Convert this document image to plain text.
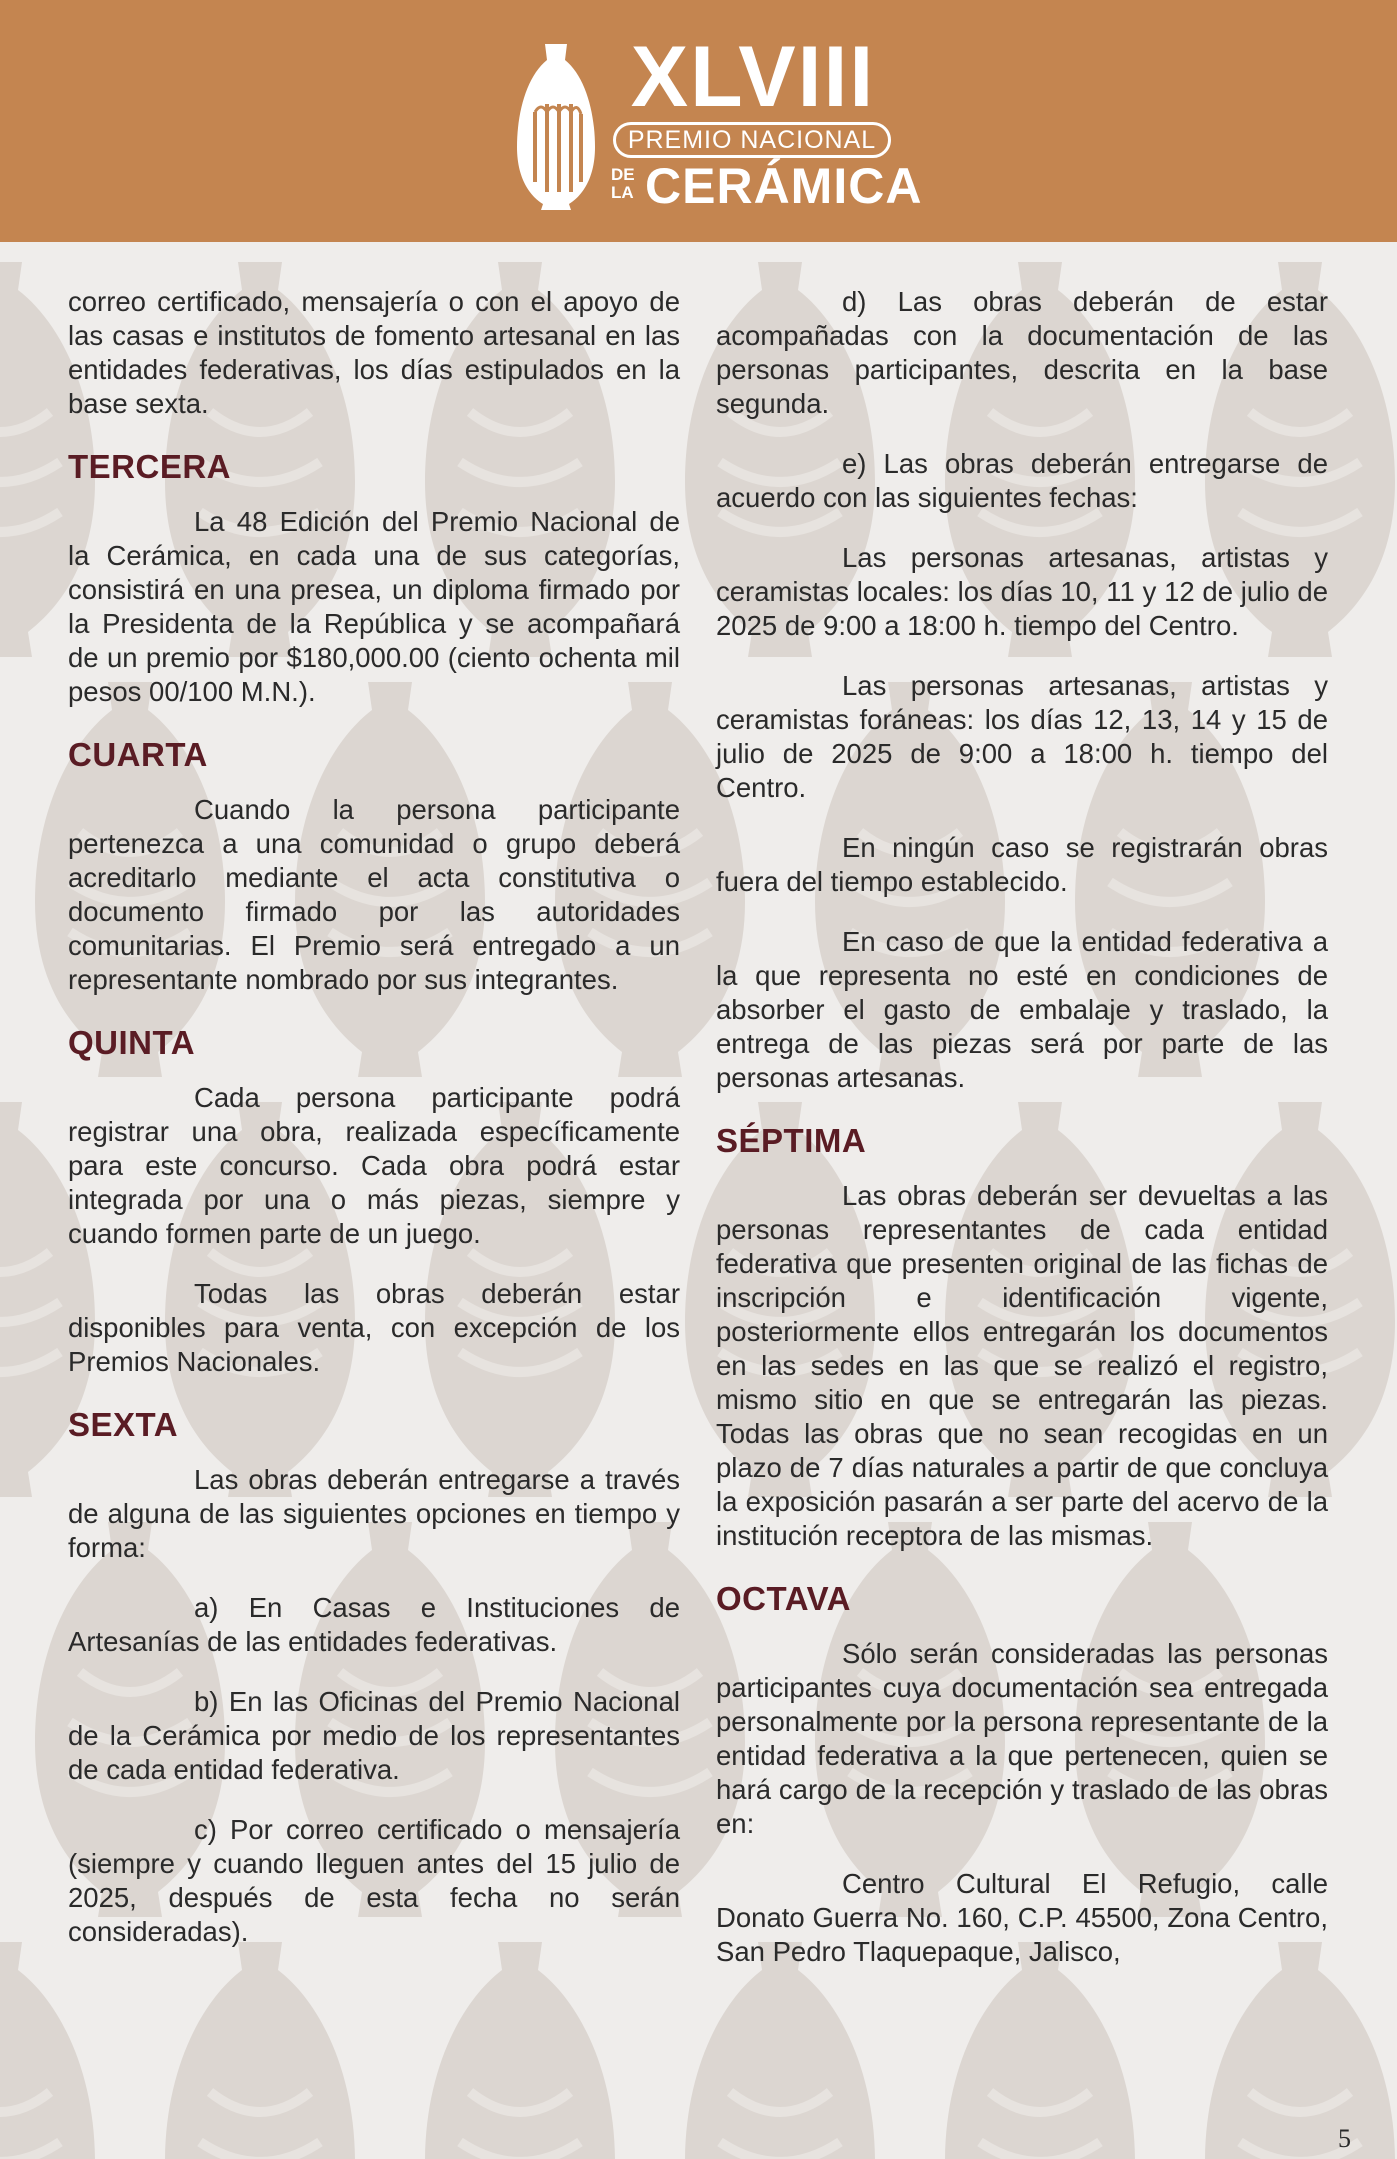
XLVIII
PREMIO NACIONAL
DE
LA CERÁMICA

correo certificado, mensajería o con el apoyo de las casas e institutos de fomento artesanal en las entidades federativas, los días estipulados en la base sexta.

TERCERA

La 48 Edición del Premio Nacional de la Cerámica, en cada una de sus categorías, consistirá en una presea, un diploma firmado por la Presidenta de la República y se acompañará de un premio por $180,000.00 (ciento ochenta mil pesos 00/100 M.N.).

CUARTA

Cuando la persona participante pertenezca a una comunidad o grupo deberá acreditarlo mediante el acta constitutiva o documento firmado por las autoridades comunitarias. El Premio será entregado a un representante nombrado por sus integrantes.

QUINTA

Cada persona participante podrá registrar una obra, realizada específicamente para este concurso. Cada obra podrá estar integrada por una o más piezas, siempre y cuando formen parte de un juego.

Todas las obras deberán estar disponibles para venta, con excepción de los Premios Nacionales.

SEXTA

Las obras deberán entregarse a través de alguna de las siguientes opciones en tiempo y forma:

a) En Casas e Instituciones de Artesanías de las entidades federativas.

b) En las Oficinas del Premio Nacional de la Cerámica por medio de los representantes de cada entidad federativa.

c) Por correo certificado o mensajería (siempre y cuando lleguen antes del 15 julio de 2025, después de esta fecha no serán consideradas).

d) Las obras deberán de estar acompañadas con la documentación de las personas participantes, descrita en la base segunda.

e) Las obras deberán entregarse de acuerdo con las siguientes fechas:

Las personas artesanas, artistas y ceramistas locales: los días 10, 11 y 12 de julio de 2025 de 9:00 a 18:00 h. tiempo del Centro.

Las personas artesanas, artistas y ceramistas foráneas: los días 12, 13, 14 y 15 de julio de 2025 de 9:00 a 18:00 h. tiempo del Centro.

En ningún caso se registrarán obras fuera del tiempo establecido.

En caso de que la entidad federativa a la que representa no esté en condiciones de absorber el gasto de embalaje y traslado, la entrega de las piezas será por parte de las personas artesanas.

SÉPTIMA

Las obras deberán ser devueltas a las personas representantes de cada entidad federativa que presenten original de las fichas de inscripción e identificación vigente, posteriormente ellos entregarán los documentos en las sedes en las que se realizó el registro, mismo sitio en que se entregarán las piezas. Todas las obras que no sean recogidas en un plazo de 7 días naturales a partir de que concluya la exposición pasarán a ser parte del acervo de la institución receptora de las mismas.

OCTAVA

Sólo serán consideradas las personas participantes cuya documentación sea entregada personalmente por la persona representante de la entidad federativa a la que pertenecen, quien se hará cargo de la recepción y traslado de las obras en:

Centro Cultural El Refugio, calle Donato Guerra No. 160, C.P. 45500, Zona Centro, San Pedro Tlaquepaque, Jalisco,

5
